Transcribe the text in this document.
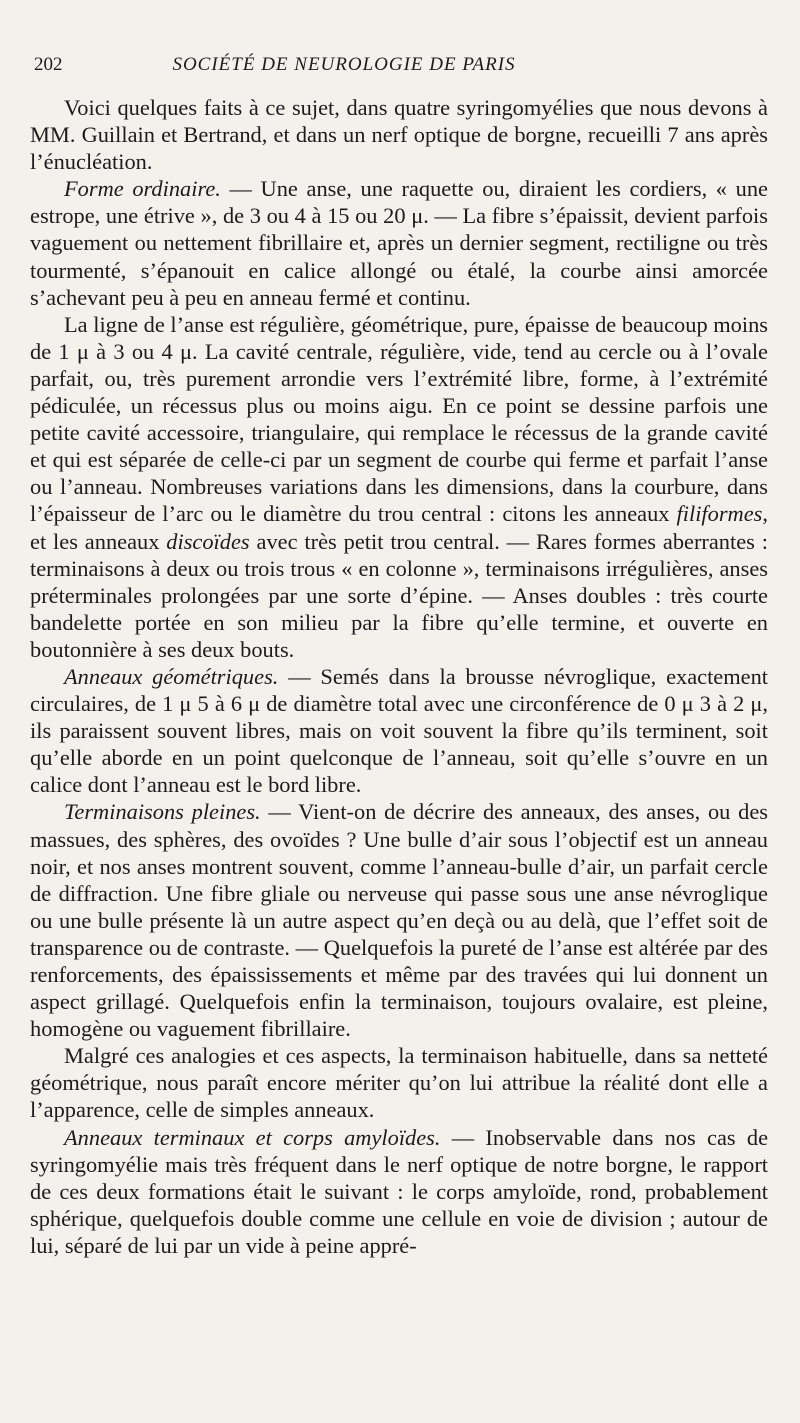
202	SOCIÉTÉ DE NEUROLOGIE DE PARIS

Voici quelques faits à ce sujet, dans quatre syringomyélies que nous devons à MM. Guillain et Bertrand, et dans un nerf optique de borgne, recueilli 7 ans après l’énucléation.

Forme ordinaire. — Une anse, une raquette ou, diraient les cordiers, « une estrope, une étrive », de 3 ou 4 à 15 ou 20 μ. — La fibre s’épaissit, devient parfois vaguement ou nettement fibrillaire et, après un dernier segment, rectiligne ou très tourmenté, s’épanouit en calice allongé ou étalé, la courbe ainsi amorcée s’achevant peu à peu en anneau fermé et continu.

La ligne de l’anse est régulière, géométrique, pure, épaisse de beaucoup moins de 1 μ à 3 ou 4 μ. La cavité centrale, régulière, vide, tend au cercle ou à l’ovale parfait, ou, très purement arrondie vers l’extrémité libre, forme, à l’extrémité pédiculée, un récessus plus ou moins aigu. En ce point se dessine parfois une petite cavité accessoire, triangulaire, qui remplace le récessus de la grande cavité et qui est séparée de celle-ci par un segment de courbe qui ferme et parfait l’anse ou l’anneau. Nombreuses variations dans les dimensions, dans la courbure, dans l’épaisseur de l’arc ou le diamètre du trou central : citons les anneaux filiformes, et les anneaux discoïdes avec très petit trou central. — Rares formes aberrantes : terminaisons à deux ou trois trous « en colonne », terminaisons irrégulières, anses préterminales prolongées par une sorte d’épine. — Anses doubles : très courte bandelette portée en son milieu par la fibre qu’elle termine, et ouverte en boutonnière à ses deux bouts.

Anneaux géométriques. — Semés dans la brousse névroglique, exactement circulaires, de 1 μ 5 à 6 μ de diamètre total avec une circonférence de 0 μ 3 à 2 μ, ils paraissent souvent libres, mais on voit souvent la fibre qu’ils terminent, soit qu’elle aborde en un point quelconque de l’anneau, soit qu’elle s’ouvre en un calice dont l’anneau est le bord libre.

Terminaisons pleines. — Vient-on de décrire des anneaux, des anses, ou des massues, des sphères, des ovoïdes ? Une bulle d’air sous l’objectif est un anneau noir, et nos anses montrent souvent, comme l’anneau-bulle d’air, un parfait cercle de diffraction. Une fibre gliale ou nerveuse qui passe sous une anse névroglique ou une bulle présente là un autre aspect qu’en deçà ou au delà, que l’effet soit de transparence ou de contraste. — Quelquefois la pureté de l’anse est altérée par des renforcements, des épaississements et même par des travées qui lui donnent un aspect grillagé. Quelquefois enfin la terminaison, toujours ovalaire, est pleine, homogène ou vaguement fibrillaire.

Malgré ces analogies et ces aspects, la terminaison habituelle, dans sa netteté géométrique, nous paraît encore mériter qu’on lui attribue la réalité dont elle a l’apparence, celle de simples anneaux.

Anneaux terminaux et corps amyloïdes. — Inobservable dans nos cas de syringomyélie mais très fréquent dans le nerf optique de notre borgne, le rapport de ces deux formations était le suivant : le corps amyloïde, rond, probablement sphérique, quelquefois double comme une cellule en voie de division ; autour de lui, séparé de lui par un vide à peine appré-
